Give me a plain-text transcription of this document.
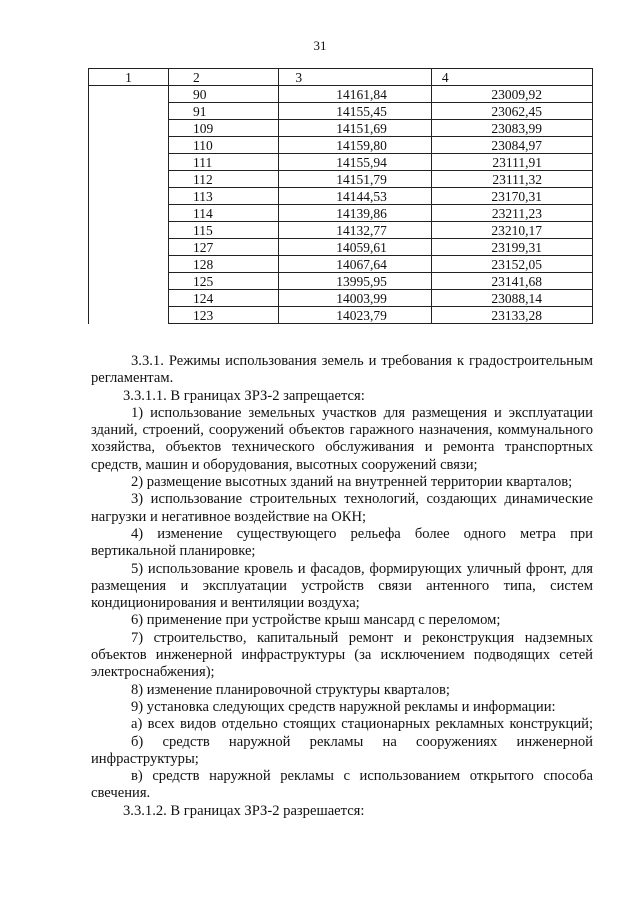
31
1	2	3	4
	90	14161,84	23009,92
	91	14155,45	23062,45
	109	14151,69	23083,99
	110	14159,80	23084,97
	111	14155,94	23111,91
	112	14151,79	23111,32
	113	14144,53	23170,31
	114	14139,86	23211,23
	115	14132,77	23210,17
	127	14059,61	23199,31
	128	14067,64	23152,05
	125	13995,95	23141,68
	124	14003,99	23088,14
	123	14023,79	23133,28

3.3.1. Режимы использования земель и требования к градостроительным регламентам.

3.3.1.1. В границах ЗРЗ-2 запрещается:

1) использование земельных участков для размещения и эксплуатации зданий, строений, сооружений объектов гаражного назначения, коммунального хозяйства, объектов технического обслуживания и ремонта транспортных средств, машин и оборудования, высотных сооружений связи;

2) размещение высотных зданий на внутренней территории кварталов;

3) использование строительных технологий, создающих динамические нагрузки и негативное воздействие на ОКН;

4) изменение существующего рельефа более одного метра при вертикальной планировке;

5) использование кровель и фасадов, формирующих уличный фронт, для размещения и эксплуатации устройств связи антенного типа, систем кондиционирования и вентиляции воздуха;

6) применение при устройстве крыш мансард с переломом;

7) строительство, капитальный ремонт и реконструкция надземных объектов инженерной инфраструктуры (за исключением подводящих сетей электроснабжения);

8) изменение планировочной структуры кварталов;

9) установка следующих средств наружной рекламы и информации:

а) всех видов отдельно стоящих стационарных рекламных конструкций;

б) средств наружной рекламы на сооружениях инженерной инфраструктуры;

в) средств наружной рекламы с использованием открытого способа свечения.

3.3.1.2. В границах ЗРЗ-2 разрешается:
